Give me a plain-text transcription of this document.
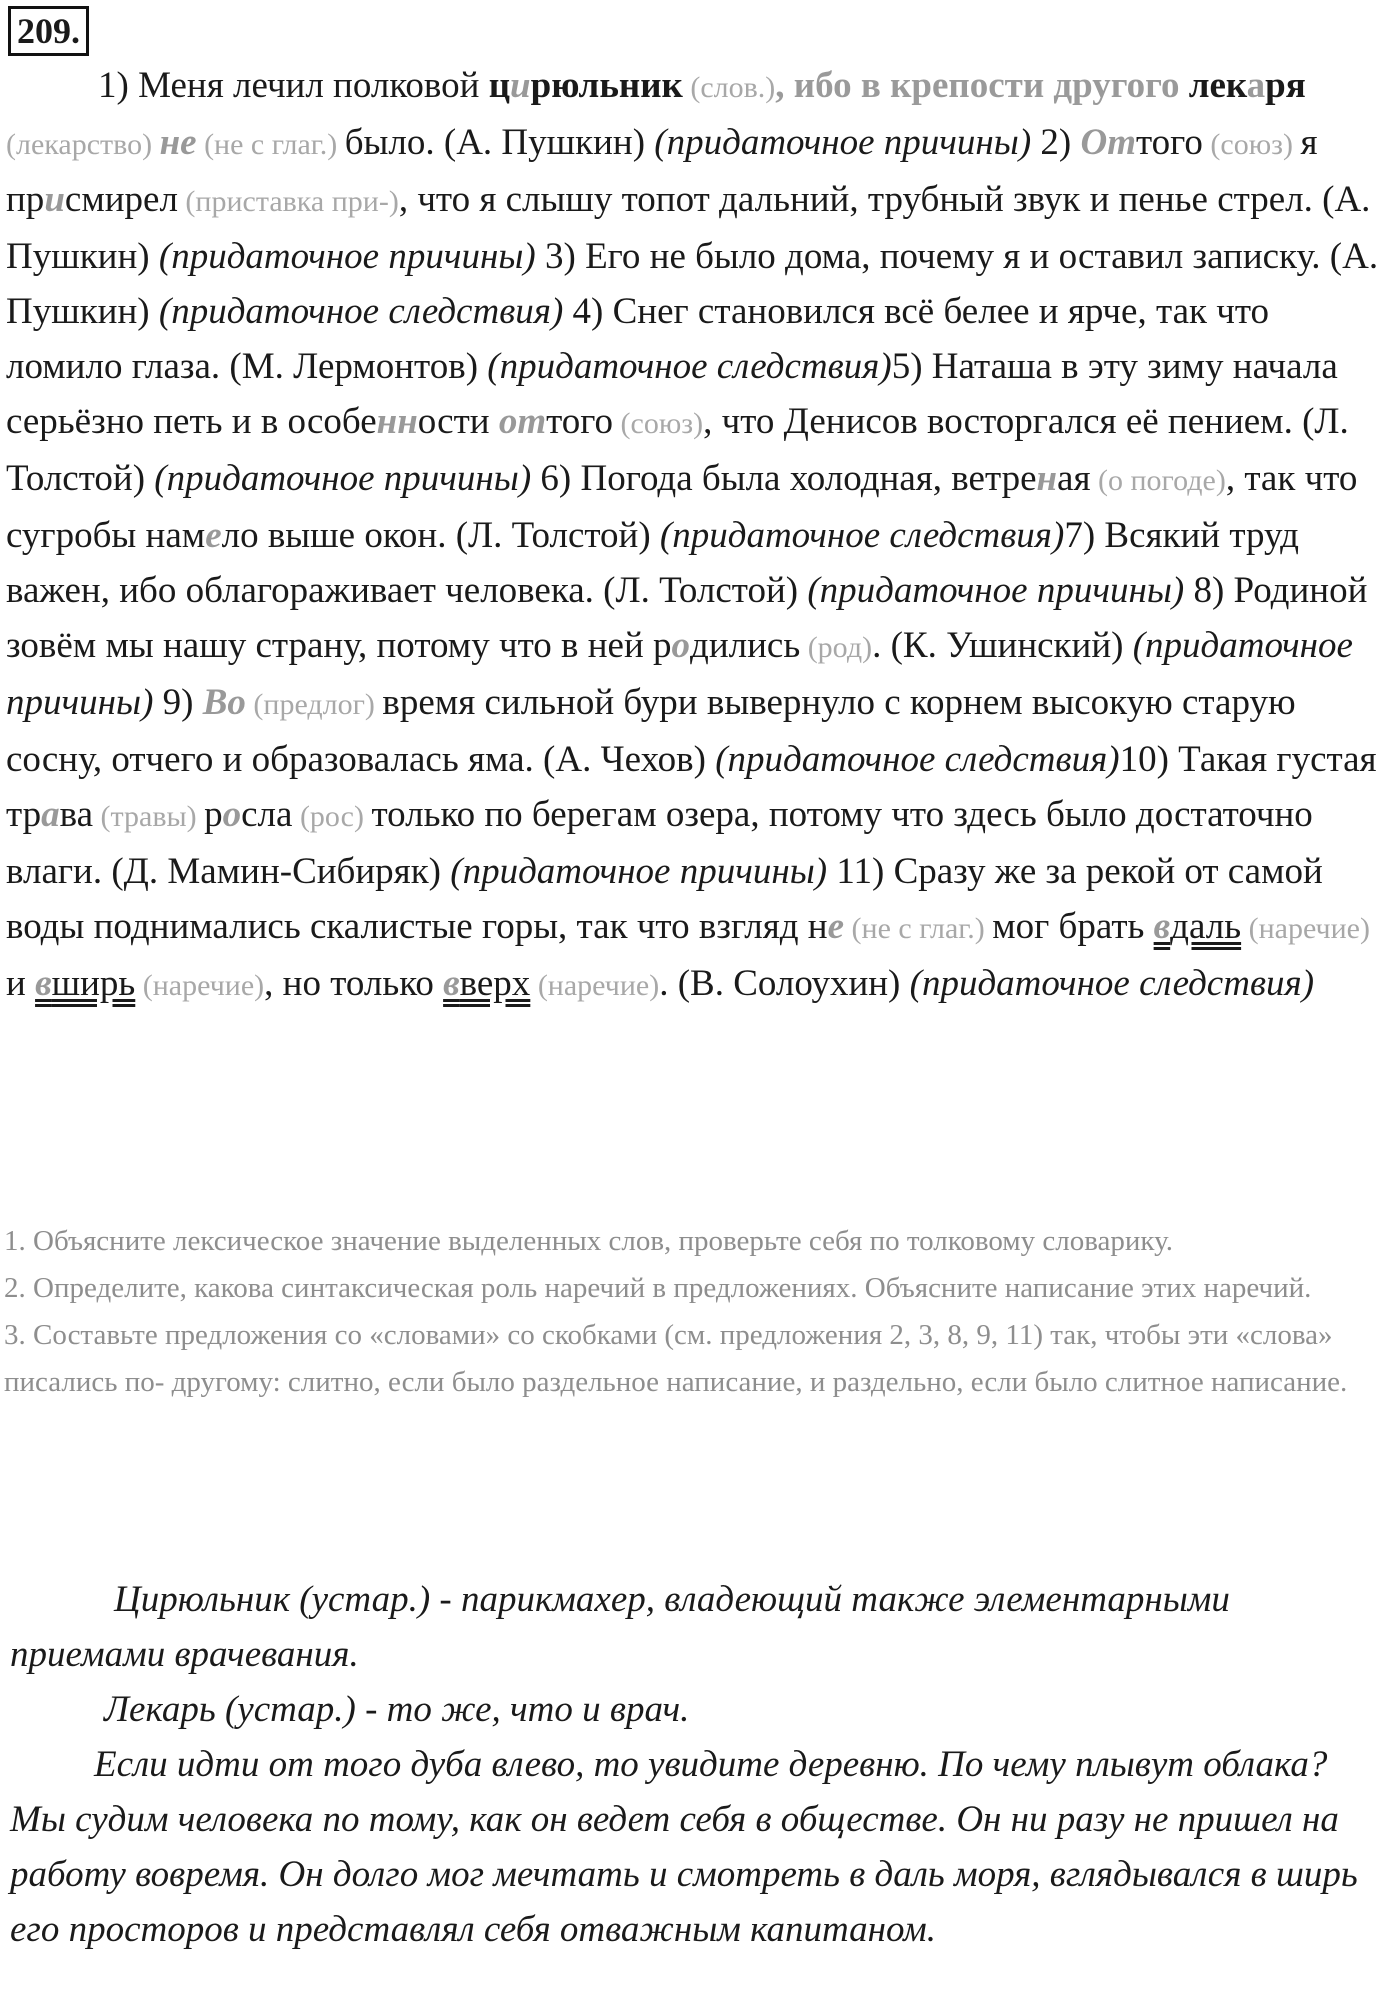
209.

1) Меня лечил полковой цирюльник (слов.), ибо в крепости другого лекаря (лекарство) не (не с глаг.) было. (А. Пушкин) (придаточное причины) 2) Оттого (союз) я присмирел (приставка при-), что я слышу топот дальний, трубный звук и пенье стрел. (А. Пушкин) (придаточное причины) 3) Его не было дома, почему я и оставил записку. (А. Пушкин) (придаточное следствия) 4) Снег становился всё белее и ярче, так что ломило глаза. (М. Лермонтов) (придаточное следствия)5) Наташа в эту зиму начала серьёзно петь и в особенности оттого (союз), что Денисов восторгался её пением. (Л. Толстой) (придаточное причины) 6) Погода была холодная, ветреная (о погоде), так что сугробы намело выше окон. (Л. Толстой) (придаточное следствия)7) Всякий труд важен, ибо облагораживает человека. (Л. Толстой) (придаточное причины) 8) Родиной зовём мы нашу страну, потому что в ней родились (род). (К. Ушинский) (придаточное причины) 9) Во (предлог) время сильной бури вывернуло с корнем высокую старую сосну, отчего и образовалась яма. (А. Чехов) (придаточное следствия)10) Такая густая трава (травы) росла (рос) только по берегам озера, потому что здесь было достаточно влаги. (Д. Мамин-Сибиряк) (придаточное причины) 11) Сразу же за рекой от самой воды поднимались скалистые горы, так что взгляд не (не с глаг.) мог брать вдаль (наречие) и вширь (наречие), но только вверх (наречие). (В. Солоухин) (придаточное следствия)

1. Объясните лексическое значение выделенных слов, проверьте себя по толковому словарику.

2. Определите, какова синтаксическая роль наречий в предложениях. Объясните написание этих наречий.

3. Составьте предложения со «словами» со скобками (см. предложения 2, 3, 8, 9, 11) так, чтобы эти «слова» писались по- другому: слитно, если было раздельное написание, и раздельно, если было слитное написание.

Цирюльник (устар.) - парикмахер, владеющий также элементарными приемами врачевания.

Лекарь (устар.) - то же, что и врач.

Если идти от того дуба влево, то увидите деревню. По чему плывут облака? Мы судим человека по тому, как он ведет себя в обществе. Он ни разу не пришел на работу вовремя. Он долго мог мечтать и смотреть в даль моря, вглядывался в ширь его просторов и представлял себя отважным капитаном.
